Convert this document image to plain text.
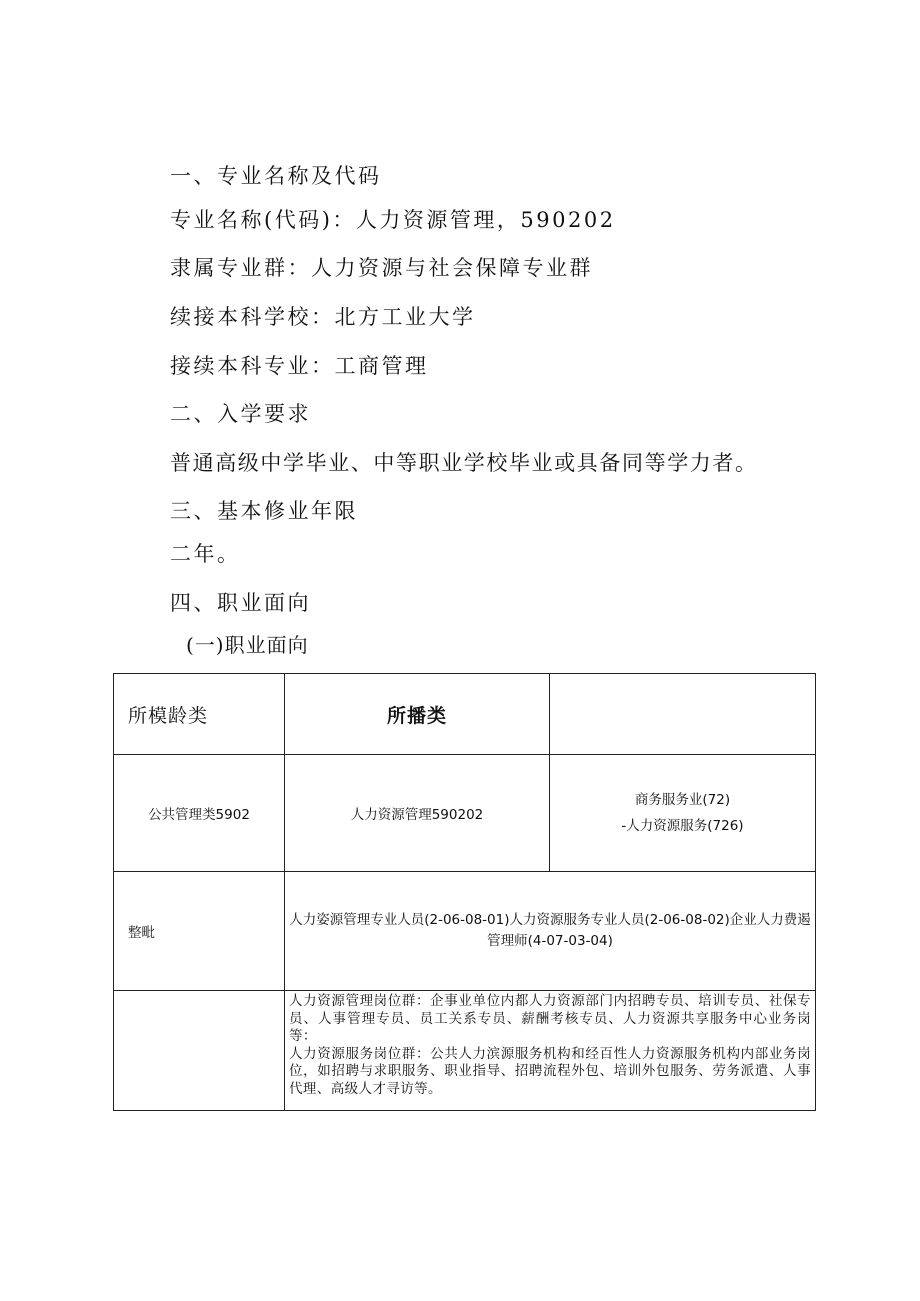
一、专业名称及代码
专业名称(代码)：人力资源管理，590202
隶属专业群：人力资源与社会保障专业群
续接本科学校：北方工业大学
接续本科专业：工商管理
二、入学要求
普通高级中学毕业、中等职业学校毕业或具备同等学力者。
三、基本修业年限
二年。
四、职业面向
(一)职业面向
所模龄类	所播类	
公共管理类5902	人力资源管理590202	商务服务业(72)
-人力资源服务(726)
整毗	人力姿源管理专业人员(2-06-08-01)人力资源服务专业人员(2-06-08-02)企业人力费遏管理师(4-07-03-04)	

	人力资源管理岗位群：企事业单位内都人力资源部门内招聘专员、培训专员、社保专员、人事管理专员、员工关系专员、薪酬考核专员、人力资源共享服务中心业务岗等：
人力资源服务岗位群：公共人力滨源服务机构和经百性人力资源服务机构内部业务岗位，如招聘与求职服务、职业指导、招聘流程外包、培训外包服务、劳务派遣、人事代理、高级人才寻访等。	
